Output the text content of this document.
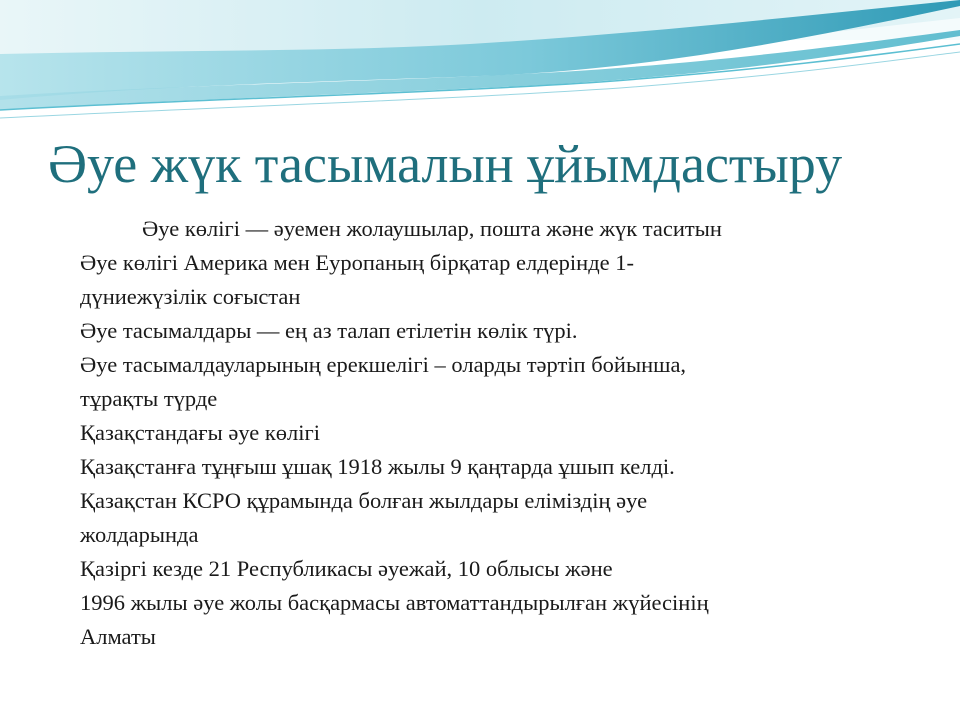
Әуе жүк тасымалын ұйымдастыру
Әуе көлігі — әуемен жолаушылар, пошта және жүк таситын
Әуе көлігі Америка мен Еуропаның бірқатар елдерінде 1-
дүниежүзілік соғыстан
Әуе тасымалдары — ең аз талап етілетін көлік түрі.
Әуе тасымалдауларының ерекшелігі – оларды тәртіп бойынша,
тұрақты түрде
Қазақстандағы әуе көлігі
Қазақстанға тұңғыш ұшақ 1918 жылы 9 қаңтарда ұшып келді.
Қазақстан КСРО құрамында болған жылдары еліміздің әуе
жолдарында
Қазіргі кезде 21 Республикасы әуежай, 10 облысы және
1996 жылы әуе жолы басқармасы автоматтандырылған жүйесінің
Алматы
